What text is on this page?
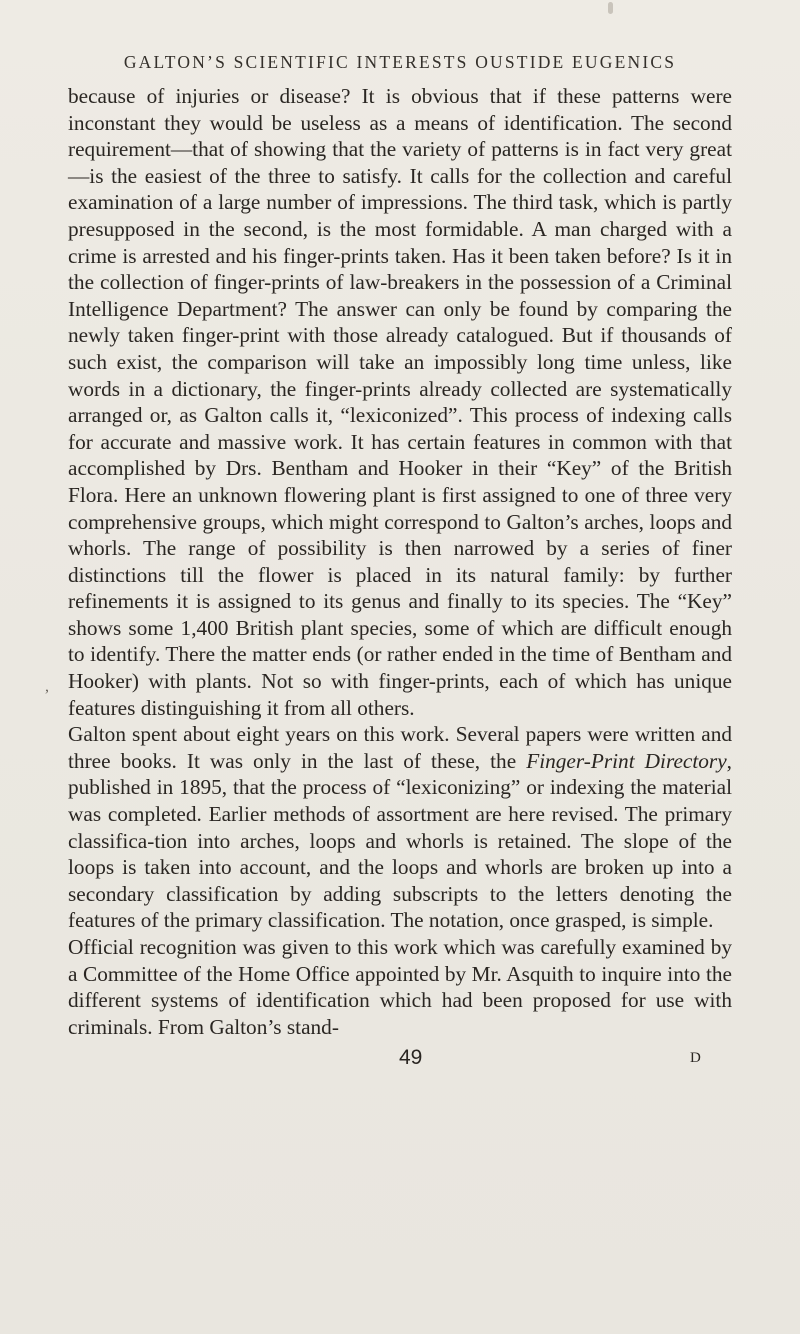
GALTON’S SCIENTIFIC INTERESTS OUSTIDE EUGENICS
,

because of injuries or disease? It is obvious that if these patterns were inconstant they would be useless as a means of identification. The second requirement—that of showing that the variety of patterns is in fact very great—is the easiest of the three to satisfy. It calls for the collection and careful examination of a large number of impressions. The third task, which is partly presupposed in the second, is the most formidable. A man charged with a crime is arrested and his finger-prints taken. Has it been taken before? Is it in the collection of finger-prints of law-breakers in the possession of a Criminal Intelligence Department? The answer can only be found by comparing the newly taken finger-print with those already catalogued. But if thousands of such exist, the comparison will take an impossibly long time unless, like words in a dictionary, the finger-prints already collected are systematically arranged or, as Galton calls it, “lexiconized”. This process of indexing calls for accurate and massive work. It has certain features in common with that accomplished by Drs. Bentham and Hooker in their “Key” of the British Flora. Here an unknown flowering plant is first assigned to one of three very comprehensive groups, which might correspond to Galton’s arches, loops and whorls. The range of possibility is then narrowed by a series of finer distinctions till the flower is placed in its natural family: by further refinements it is assigned to its genus and finally to its species. The “Key” shows some 1,400 British plant species, some of which are difficult enough to identify. There the matter ends (or rather ended in the time of Bentham and Hooker) with plants. Not so with finger-prints, each of which has unique features distinguishing it from all others.

Galton spent about eight years on this work. Several papers were written and three books. It was only in the last of these, the Finger-Print Directory, published in 1895, that the process of “lexiconizing” or indexing the material was completed. Earlier methods of assortment are here revised. The primary classifica-tion into arches, loops and whorls is retained. The slope of the loops is taken into account, and the loops and whorls are broken up into a secondary classification by adding subscripts to the letters denoting the features of the primary classification. The notation, once grasped, is simple.

Official recognition was given to this work which was carefully examined by a Committee of the Home Office appointed by Mr. Asquith to inquire into the different systems of identification which had been proposed for use with criminals. From Galton’s stand-

49	D
